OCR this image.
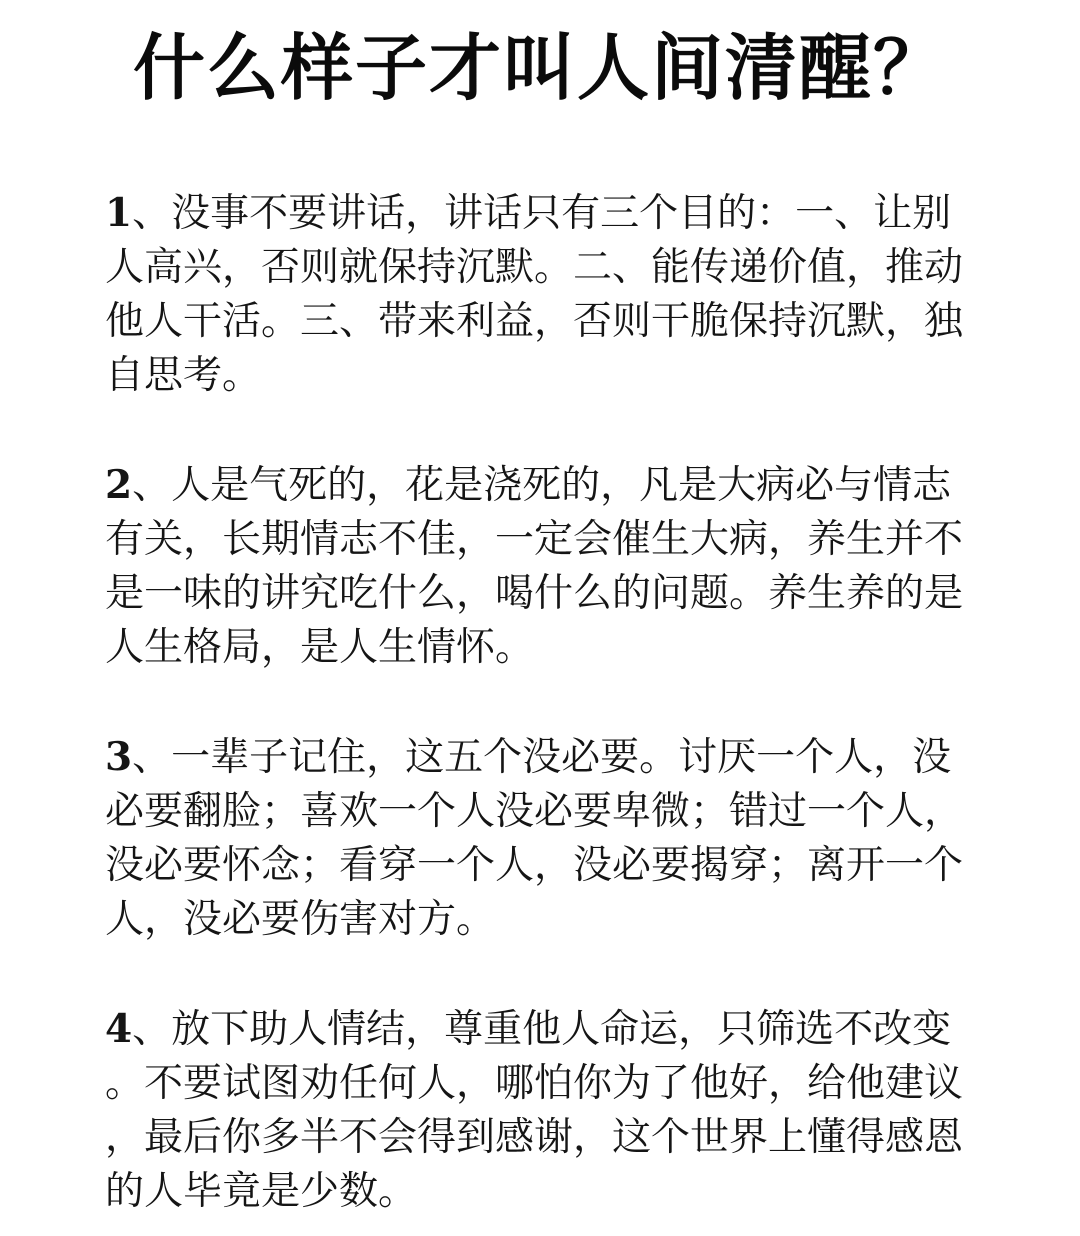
什么样子才叫人间清醒？
1、没事不要讲话，讲话只有三个目的：一、让别
人高兴，否则就保持沉默。二、能传递价值，推动
他人干活。三、带来利益，否则干脆保持沉默，独
自思考。
2、人是气死的，花是浇死的，凡是大病必与情志
有关，长期情志不佳，一定会催生大病，养生并不
是一味的讲究吃什么，喝什么的问题。养生养的是
人生格局，是人生情怀。
3、一辈子记住，这五个没必要。讨厌一个人，没
必要翻脸；喜欢一个人没必要卑微；错过一个人，
没必要怀念；看穿一个人，没必要揭穿；离开一个
人，没必要伤害对方。
4、放下助人情结，尊重他人命运，只筛选不改变
。不要试图劝任何人，哪怕你为了他好，给他建议
，最后你多半不会得到感谢，这个世界上懂得感恩
的人毕竟是少数。
